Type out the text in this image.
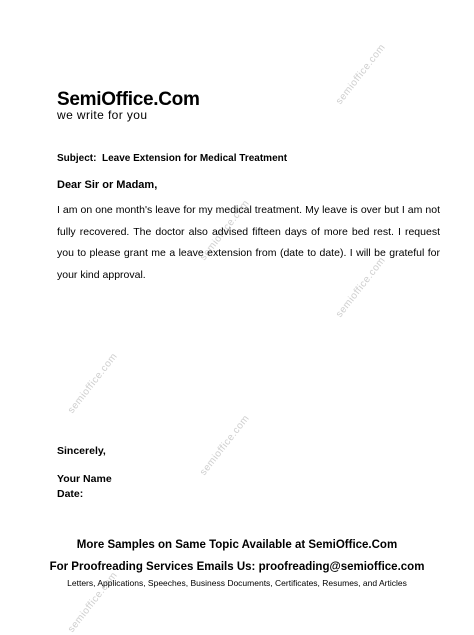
semioffice.com
semioffice.com
semioffice.com
semioffice.com
semioffice.com
semioffice.com
SemiOffice.Com
we write for you
Subject:  Leave Extension for Medical Treatment
Dear Sir or Madam,

I am on one month's leave for my medical treatment. My leave is over but I am not fully recovered. The doctor also advised fifteen days of more bed rest. I request you to please grant me a leave extension from (date to date). I will be grateful for your kind approval.

Sincerely,
Your Name
Date:
More Samples on Same Topic Available at SemiOffice.Com
For Proofreading Services Emails Us: proofreading@semioffice.com
Letters, Applications, Speeches, Business Documents, Certificates, Resumes, and Articles
